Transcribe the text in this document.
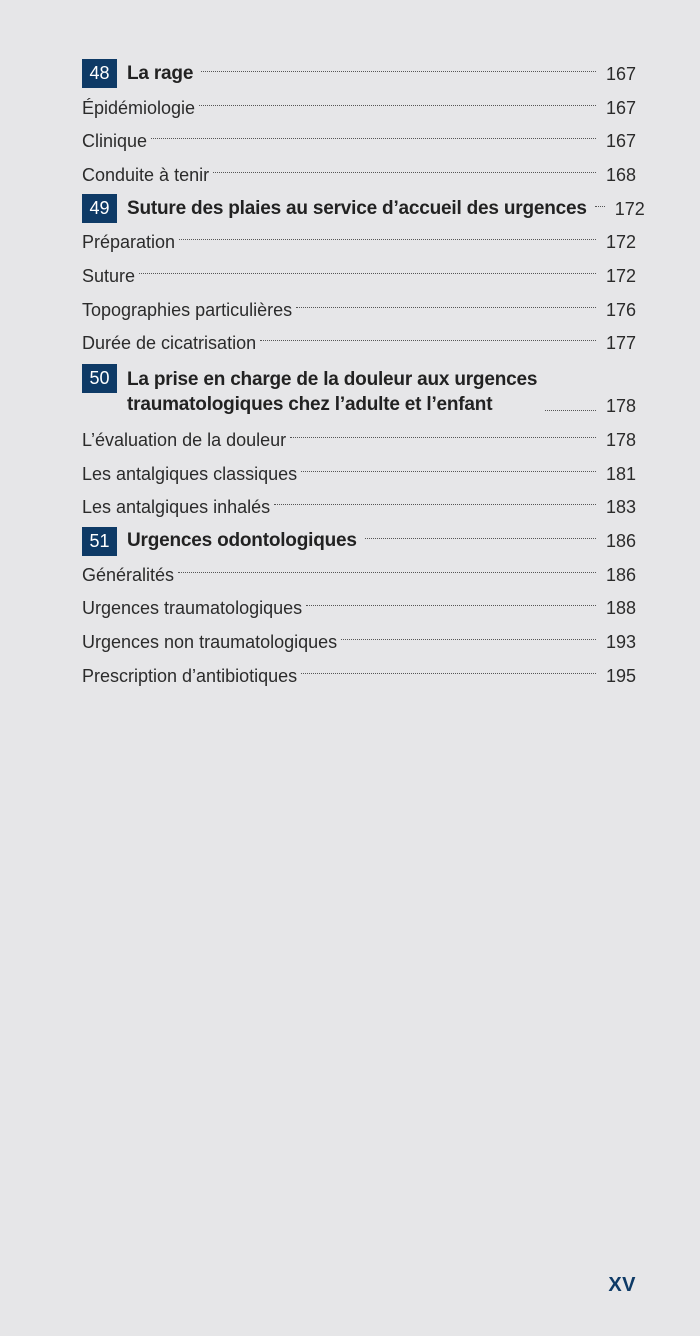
48 La rage	167
Épidémiologie	167
Clinique	167
Conduite à tenir	168
49 Suture des plaies au service d’accueil des urgences 172
Préparation	172
Suture	172
Topographies particulières	176
Durée de cicatrisation	177
50 La prise en charge de la douleur aux urgences
traumatologiques chez l’adulte et l’enfant	178
L’évaluation de la douleur	178
Les antalgiques classiques	181
Les antalgiques inhalés	183
51 Urgences odontologiques	186
Généralités	186
Urgences traumatologiques	188
Urgences non traumatologiques	193
Prescription d’antibiotiques	195
XV
